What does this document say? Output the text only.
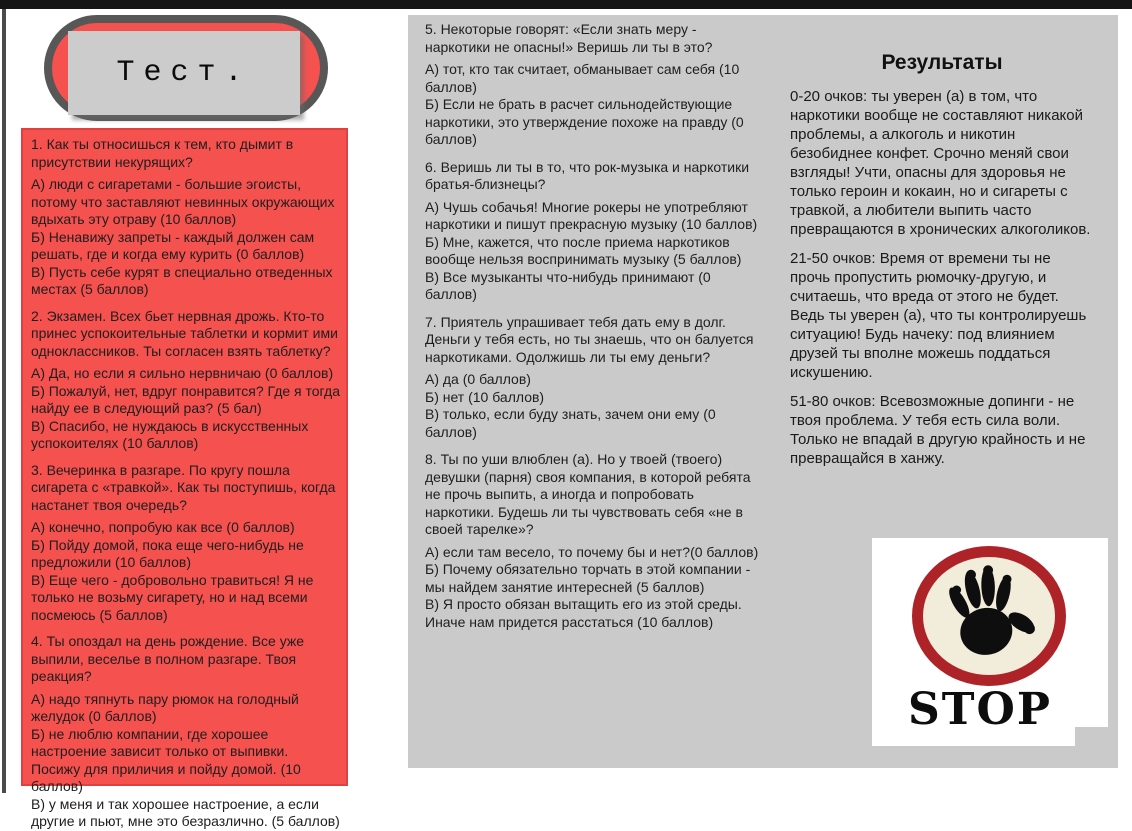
Тест.
1. Как ты относишься к тем, кто дымит в присутствии некурящих?
А) люди с сигаретами - большие эгоисты, потому что заставляют невинных окружающих вдыхать эту отраву (10 баллов)
Б) Ненавижу запреты - каждый должен сам решать, где и когда ему курить (0 баллов)
В) Пусть себе курят в специально отведенных местах (5 баллов)
2. Экзамен. Всех бьет нервная дрожь. Кто-то принес успокоительные таблетки и кормит ими одноклассников. Ты согласен взять таблетку?
А) Да, но если я сильно нервничаю (0 баллов)
Б) Пожалуй, нет, вдруг понравится? Где я тогда найду ее в следующий раз? (5 бал)
В) Спасибо, не нуждаюсь в искусственных успокоителях (10 баллов)
3. Вечеринка в разгаре. По кругу пошла сигарета с «травкой». Как ты поступишь, когда настанет твоя очередь?
А) конечно, попробую как все (0 баллов)
Б) Пойду домой, пока еще чего-нибудь не предложили (10 баллов)
В) Еще чего - добровольно травиться! Я не только не возьму сигарету, но и над всеми посмеюсь (5 баллов)
4. Ты опоздал на день рождение. Все уже выпили, веселье в полном разгаре. Твоя реакция?
А) надо тяпнуть пару рюмок на голодный желудок (0 баллов)
Б) не люблю компании, где хорошее настроение зависит только от выпивки. Посижу для приличия и пойду домой. (10 баллов)
В) у меня и так хорошее настроение, а если другие и пьют, мне это безразлично. (5 баллов)
5. Некоторые говорят: «Если знать меру - наркотики не опасны!» Веришь ли ты в это?
А) тот, кто так считает, обманывает сам себя (10 баллов)
Б) Если не брать в расчет сильнодействующие наркотики, это утверждение похоже на правду (0 баллов)
6. Веришь ли ты в то, что рок-музыка и наркотики братья-близнецы?
А) Чушь собачья! Многие рокеры не употребляют наркотики и пишут прекрасную музыку (10 баллов)
Б) Мне, кажется, что после приема наркотиков вообще нельзя воспринимать музыку (5 баллов)
В) Все музыканты что-нибудь принимают (0 баллов)
7. Приятель упрашивает тебя дать ему в долг. Деньги у тебя есть, но ты знаешь, что он балуется наркотиками. Одолжишь ли ты ему деньги?
А) да (0 баллов)
Б) нет (10 баллов)
В) только, если буду знать, зачем они ему (0 баллов)
8. Ты по уши влюблен (а). Но у твоей (твоего) девушки (парня) своя компания, в которой ребята не прочь выпить, а иногда и попробовать наркотики. Будешь ли ты чувствовать себя «не в своей тарелке»?
А) если там весело, то почему бы и нет?(0 баллов)
Б) Почему обязательно торчать в этой компании - мы найдем занятие интересней (5 баллов)
В) Я просто обязан вытащить его из этой среды. Иначе нам придется расстаться (10 баллов)
Результаты

0-20 очков: ты уверен (а) в том, что наркотики вообще не составляют никакой проблемы, а алкоголь и никотин безобиднее конфет. Срочно меняй свои взгляды! Учти, опасны для здоровья не только героин и кокаин, но и сигареты с травкой, а любители выпить часто превращаются в хронических алкоголиков.

21-50 очков: Время от времени ты не прочь пропустить рюмочку-другую, и считаешь, что вреда от этого не будет. Ведь ты уверен (а), что ты контролируешь ситуацию! Будь начеку: под влиянием друзей ты вполне можешь поддаться искушению.

51-80 очков: Всевозможные допинги - не твоя проблема. У тебя есть сила воли. Только не впадай в другую крайность и не превращайся в ханжу.

STOP
